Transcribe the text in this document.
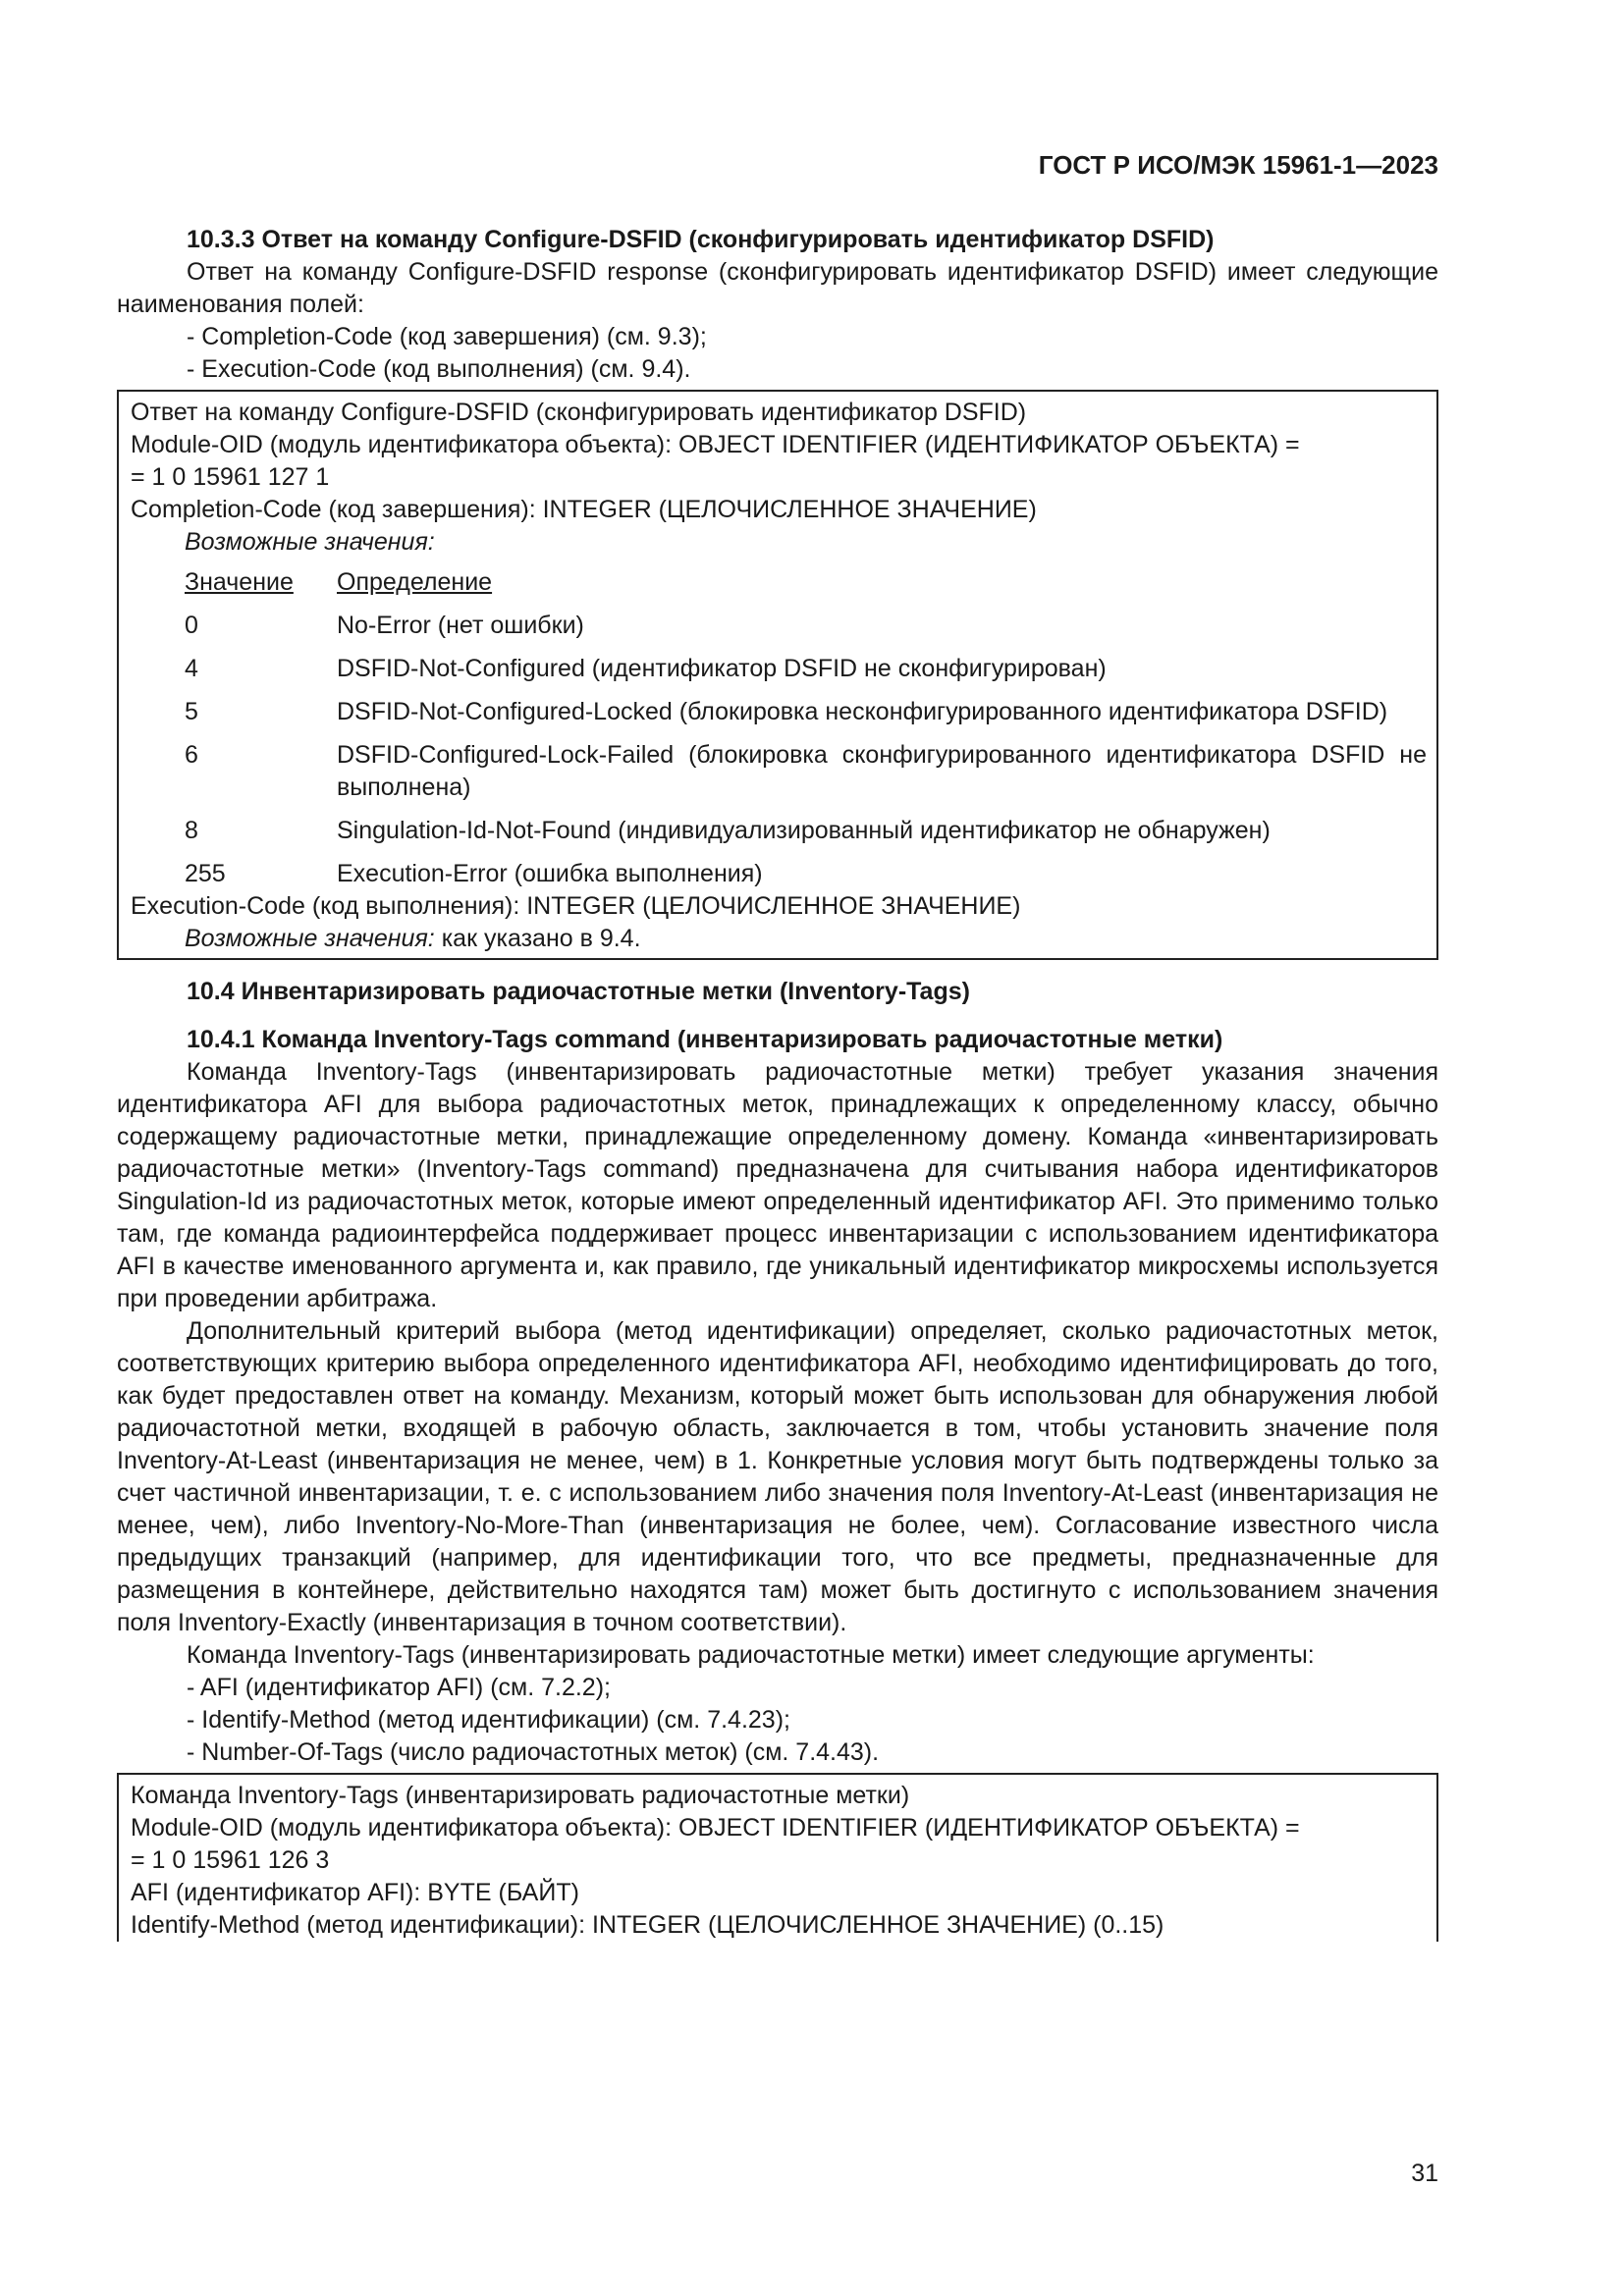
ГОСТ Р ИСО/МЭК 15961-1—2023

10.3.3 Ответ на команду Configure-DSFID (сконфигурировать идентификатор DSFID)

Ответ на команду Configure-DSFID response (сконфигурировать идентификатор DSFID) имеет следующие наименования полей:

- Completion-Code (код завершения) (см. 9.3);

- Execution-Code (код выполнения) (см. 9.4).

Ответ на команду Configure-DSFID (сконфигурировать идентификатор DSFID)

Module-OID (модуль идентификатора объекта): OBJECT IDENTIFIER (ИДЕНТИФИКАТОР ОБЪЕКТА) =

= 1 0 15961 127 1

Completion-Code (код завершения): INTEGER (ЦЕЛОЧИСЛЕННОЕ ЗНАЧЕНИЕ)

Возможные значения:

Значение	Определение
0	No-Error (нет ошибки)
4	DSFID-Not-Configured (идентификатор DSFID не сконфигурирован)
5	DSFID-Not-Configured-Locked (блокировка несконфигурированного идентификатора DSFID)
6	DSFID-Configured-Lock-Failed (блокировка сконфигурированного идентификатора DSFID не выполнена)
8	Singulation-Id-Not-Found (индивидуализированный идентификатор не обнаружен)
255	Execution-Error (ошибка выполнения)

Execution-Code (код выполнения): INTEGER (ЦЕЛОЧИСЛЕННОЕ ЗНАЧЕНИЕ)

Возможные значения: как указано в 9.4.

10.4 Инвентаризировать радиочастотные метки (Inventory-Tags)

10.4.1 Команда Inventory-Tags command (инвентаризировать радиочастотные метки)

Команда Inventory-Tags (инвентаризировать радиочастотные метки) требует указания значения идентификатора AFI для выбора радиочастотных меток, принадлежащих к определенному классу, обычно содержащему радиочастотные метки, принадлежащие определенному домену. Команда «инвентаризировать радиочастотные метки» (Inventory-Tags command) предназначена для считывания набора идентификаторов Singulation-Id из радиочастотных меток, которые имеют определенный идентификатор AFI. Это применимо только там, где команда радиоинтерфейса поддерживает процесс инвентаризации с использованием идентификатора AFI в качестве именованного аргумента и, как правило, где уникальный идентификатор микросхемы используется при проведении арбитража.

Дополнительный критерий выбора (метод идентификации) определяет, сколько радиочастотных меток, соответствующих критерию выбора определенного идентификатора AFI, необходимо идентифицировать до того, как будет предоставлен ответ на команду. Механизм, который может быть использован для обнаружения любой радиочастотной метки, входящей в рабочую область, заключается в том, чтобы установить значение поля Inventory-At-Least (инвентаризация не менее, чем) в 1. Конкретные условия могут быть подтверждены только за счет частичной инвентаризации, т. е. с использованием либо значения поля Inventory-At-Least (инвентаризация не менее, чем), либо Inventory-No-More-Than (инвентаризация не более, чем). Согласование известного числа предыдущих транзакций (например, для идентификации того, что все предметы, предназначенные для размещения в контейнере, действительно находятся там) может быть достигнуто с использованием значения поля Inventory-Exactly (инвентаризация в точном соответствии).

Команда Inventory-Tags (инвентаризировать радиочастотные метки) имеет следующие аргументы:

- AFI (идентификатор AFI) (см. 7.2.2);

- Identify-Method (метод идентификации) (см. 7.4.23);

- Number-Of-Tags (число радиочастотных меток) (см. 7.4.43).

Команда Inventory-Tags (инвентаризировать радиочастотные метки)

Module-OID (модуль идентификатора объекта): OBJECT IDENTIFIER (ИДЕНТИФИКАТОР ОБЪЕКТА) =

= 1 0 15961 126 3

AFI (идентификатор AFI): BYTE (БАЙТ)

Identify-Method (метод идентификации): INTEGER (ЦЕЛОЧИСЛЕННОЕ ЗНАЧЕНИЕ) (0..15)

31
